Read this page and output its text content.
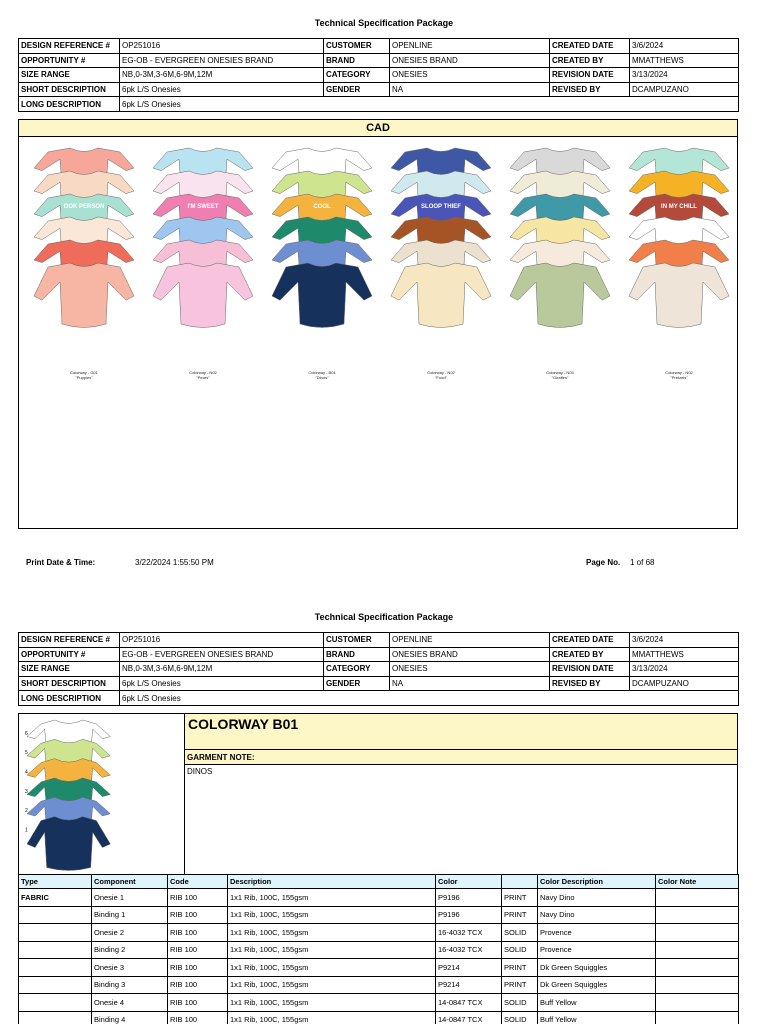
Technical Specification Package
DESIGN REFERENCE #	OP251016	CUSTOMER	OPENLINE	CREATED DATE	3/6/2024
OPPORTUNITY #	EG-OB - EVERGREEN ONESIES BRAND	BRAND	ONESIES BRAND	CREATED BY	MMATTHEWS
SIZE RANGE	NB,0-3M,3-6M,6-9M,12M	CATEGORY	ONESIES	REVISION DATE	3/13/2024
SHORT DESCRIPTION	6pk L/S Onesies	GENDER	NA	REVISED BY	DCAMPUZANO
LONG DESCRIPTION	6pk L/S Onesies				
CAD
OOK PERSON
Colorway - G01
"Puppies"
I'M SWEET
Colorway - N02
"Pears"
COOL
Colorway - B01
"Dinos"
SLOOP THIEF
Colorway - N02
"Food"
Colorway - N03
"Giraffes"
IN MY CHILL
Colorway - N02
"Pretzels"
Print Date & Time:	3/22/2024 1:55:50 PM	Page No. 1 of 68
Technical Specification Package
DESIGN REFERENCE #	OP251016	CUSTOMER	OPENLINE	CREATED DATE	3/6/2024
OPPORTUNITY #	EG-OB - EVERGREEN ONESIES BRAND	BRAND	ONESIES BRAND	CREATED BY	MMATTHEWS
SIZE RANGE	NB,0-3M,3-6M,6-9M,12M	CATEGORY	ONESIES	REVISION DATE	3/13/2024
SHORT DESCRIPTION	6pk L/S Onesies	GENDER	NA	REVISED BY	DCAMPUZANO
LONG DESCRIPTION	6pk L/S Onesies				
6
5
4
3
2
1
COLORWAY B01
GARMENT NOTE:
DINOS
Type	Component	Code	Description	Color		Color Description	Color Note
FABRIC	Onesie 1	RIB 100	1x1 Rib, 100C, 155gsm	P9196	PRINT	Navy Dino	
	Binding 1	RIB 100	1x1 Rib, 100C, 155gsm	P9196	PRINT	Navy Dino	
	Onesie 2	RIB 100	1x1 Rib, 100C, 155gsm	16-4032 TCX	SOLID	Provence	
	Binding 2	RIB 100	1x1 Rib, 100C, 155gsm	16-4032 TCX	SOLID	Provence	
	Onesie 3	RIB 100	1x1 Rib, 100C, 155gsm	P9214	PRINT	Dk Green Squiggles	
	Binding 3	RIB 100	1x1 Rib, 100C, 155gsm	P9214	PRINT	Dk Green Squiggles	
	Onesie 4	RIB 100	1x1 Rib, 100C, 155gsm	14-0847 TCX	SOLID	Buff Yellow	
	Binding 4	RIB 100	1x1 Rib, 100C, 155gsm	14-0847 TCX	SOLID	Buff Yellow	
